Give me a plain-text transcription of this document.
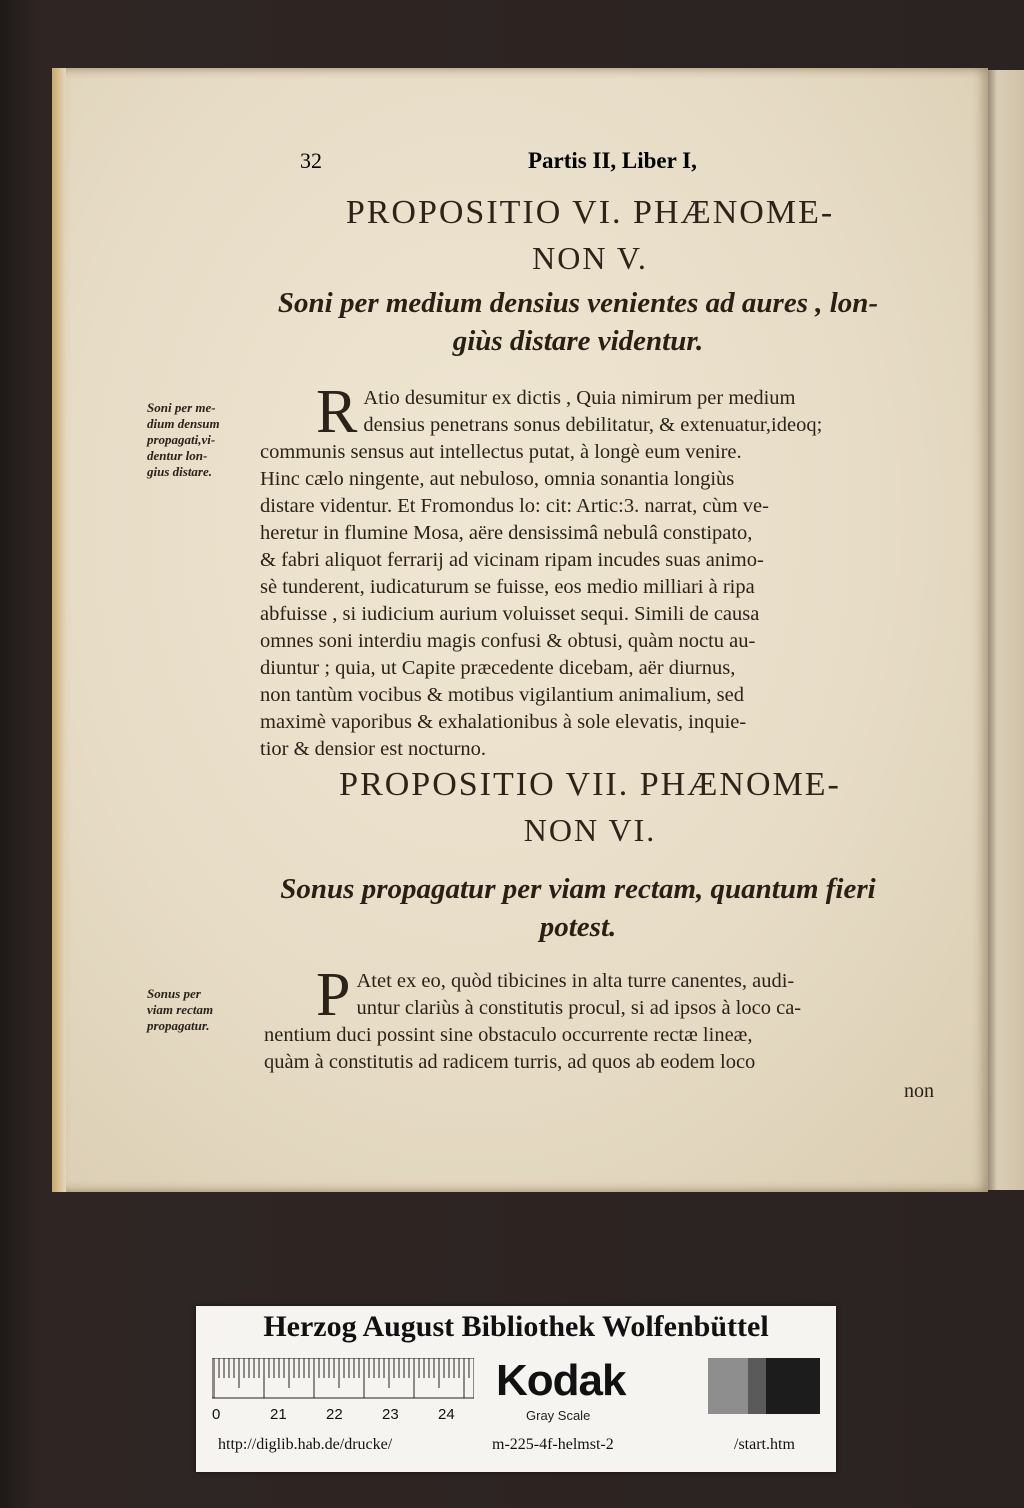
32	Partis II, Liber I,
PROPOSITIO VI. PHÆNOME-
NON V.
Soni per medium densius venientes ad aures , lon-
giùs distare videntur.
Soni per me-
dium densum
propagati,vi-
dentur lon-
gius distare.
R Atio desumitur ex dictis , Quia nimirum per medium
densius penetrans sonus debilitatur, & extenuatur,ideoq;
communis sensus aut intellectus putat, à longè eum venire.
Hinc cælo ningente, aut nebuloso, omnia sonantia longiùs
distare videntur. Et Fromondus lo: cit: Artic:3. narrat, cùm ve-
heretur in flumine Mosa, aëre densissimâ nebulâ constipato,
& fabri aliquot ferrarij ad vicinam ripam incudes suas animo-
sè tunderent, iudicaturum se fuisse, eos medio milliari à ripa
abfuisse , si iudicium aurium voluisset sequi. Simili de causa
omnes soni interdiu magis confusi & obtusi, quàm noctu au-
diuntur ; quia, ut Capite præcedente dicebam, aër diurnus,
non tantùm vocibus & motibus vigilantium animalium, sed
maximè vaporibus & exhalationibus à sole elevatis, inquie-
tior & densior est nocturno.
PROPOSITIO VII. PHÆNOME-
NON VI.
Sonus propagatur per viam rectam, quantum fieri
potest.
Sonus per
viam rectam
propagatur.	P Atet ex eo, quòd tibicines in alta turre canentes, audi-
untur clariùs à constitutis procul, si ad ipsos à loco ca-
nentium duci possint sine obstaculo occurrente rectæ lineæ,
quàm à constitutis ad radicem turris, ad quos ab eodem loco
non
Herzog August Bibliothek Wolfenbüttel
0	21	22	23	24
Kodak
Gray Scale
http://diglib.hab.de/drucke/	m-225-4f-helmst-2	/start.htm
